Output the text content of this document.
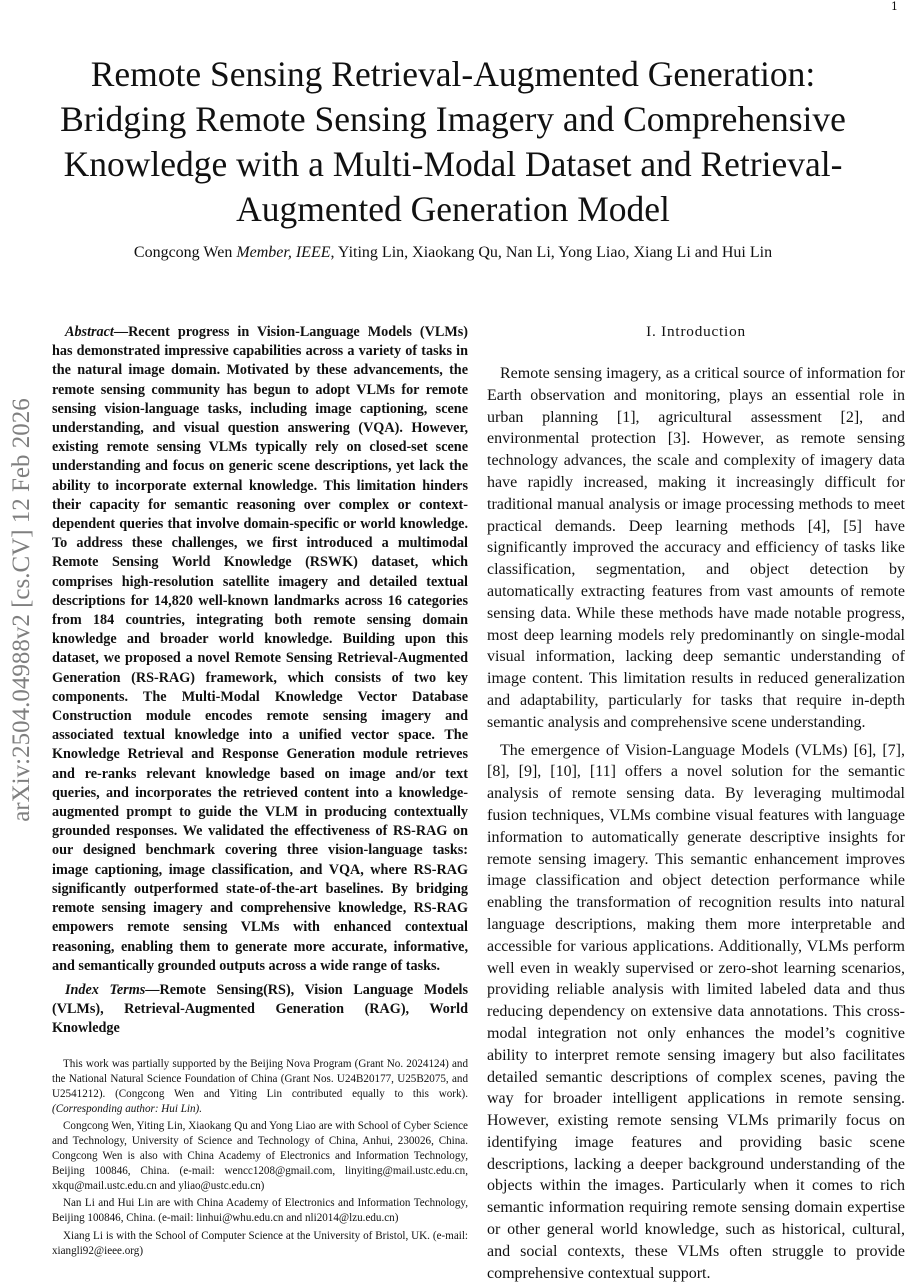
1
arXiv:2504.04988v2 [cs.CV] 12 Feb 2026
Remote Sensing Retrieval-Augmented Generation: Bridging Remote Sensing Imagery and Comprehensive Knowledge with a Multi-Modal Dataset and Retrieval-Augmented Generation Model

Congcong Wen Member, IEEE, Yiting Lin, Xiaokang Qu, Nan Li, Yong Liao, Xiang Li and Hui Lin

Abstract—Recent progress in Vision-Language Models (VLMs) has demonstrated impressive capabilities across a variety of tasks in the natural image domain. Motivated by these advancements, the remote sensing community has begun to adopt VLMs for remote sensing vision-language tasks, including image captioning, scene understanding, and visual question answering (VQA). However, existing remote sensing VLMs typically rely on closed-set scene understanding and focus on generic scene descriptions, yet lack the ability to incorporate external knowledge. This limitation hinders their capacity for semantic reasoning over complex or context-dependent queries that involve domain-specific or world knowledge. To address these challenges, we first introduced a multimodal Remote Sensing World Knowledge (RSWK) dataset, which comprises high-resolution satellite imagery and detailed textual descriptions for 14,820 well-known landmarks across 16 categories from 184 countries, integrating both remote sensing domain knowledge and broader world knowledge. Building upon this dataset, we proposed a novel Remote Sensing Retrieval-Augmented Generation (RS-RAG) framework, which consists of two key components. The Multi-Modal Knowledge Vector Database Construction module encodes remote sensing imagery and associated textual knowledge into a unified vector space. The Knowledge Retrieval and Response Generation module retrieves and re-ranks relevant knowledge based on image and/or text queries, and incorporates the retrieved content into a knowledge-augmented prompt to guide the VLM in producing contextually grounded responses. We validated the effectiveness of RS-RAG on our designed benchmark covering three vision-language tasks: image captioning, image classification, and VQA, where RS-RAG significantly outperformed state-of-the-art baselines. By bridging remote sensing imagery and comprehensive knowledge, RS-RAG empowers remote sensing VLMs with enhanced contextual reasoning, enabling them to generate more accurate, informative, and semantically grounded outputs across a wide range of tasks.

Index Terms—Remote Sensing(RS), Vision Language Models (VLMs), Retrieval-Augmented Generation (RAG), World Knowledge

This work was partially supported by the Beijing Nova Program (Grant No. 2024124) and the National Natural Science Foundation of China (Grant Nos. U24B20177, U25B2075, and U2541212). (Congcong Wen and Yiting Lin contributed equally to this work). (Corresponding author: Hui Lin).

Congcong Wen, Yiting Lin, Xiaokang Qu and Yong Liao are with School of Cyber Science and Technology, University of Science and Technology of China, Anhui, 230026, China. Congcong Wen is also with China Academy of Electronics and Information Technology, Beijing 100846, China. (e-mail: wencc1208@gmail.com, linyiting@mail.ustc.edu.cn, xkqu@mail.ustc.edu.cn and yliao@ustc.edu.cn)

Nan Li and Hui Lin are with China Academy of Electronics and Information Technology, Beijing 100846, China. (e-mail: linhui@whu.edu.cn and nli2014@lzu.edu.cn)

Xiang Li is with the School of Computer Science at the University of Bristol, UK. (e-mail: xiangli92@ieee.org)

I. Introduction

Remote sensing imagery, as a critical source of information for Earth observation and monitoring, plays an essential role in urban planning [1], agricultural assessment [2], and environmental protection [3]. However, as remote sensing technology advances, the scale and complexity of imagery data have rapidly increased, making it increasingly difficult for traditional manual analysis or image processing methods to meet practical demands. Deep learning methods [4], [5] have significantly improved the accuracy and efficiency of tasks like classification, segmentation, and object detection by automatically extracting features from vast amounts of remote sensing data. While these methods have made notable progress, most deep learning models rely predominantly on single-modal visual information, lacking deep semantic understanding of image content. This limitation results in reduced generalization and adaptability, particularly for tasks that require in-depth semantic analysis and comprehensive scene understanding.

The emergence of Vision-Language Models (VLMs) [6], [7], [8], [9], [10], [11] offers a novel solution for the semantic analysis of remote sensing data. By leveraging multimodal fusion techniques, VLMs combine visual features with language information to automatically generate descriptive insights for remote sensing imagery. This semantic enhancement improves image classification and object detection performance while enabling the transformation of recognition results into natural language descriptions, making them more interpretable and accessible for various applications. Additionally, VLMs perform well even in weakly supervised or zero-shot learning scenarios, providing reliable analysis with limited labeled data and thus reducing dependency on extensive data annotations. This cross-modal integration not only enhances the model’s cognitive ability to interpret remote sensing imagery but also facilitates detailed semantic descriptions of complex scenes, paving the way for broader intelligent applications in remote sensing. However, existing remote sensing VLMs primarily focus on identifying image features and providing basic scene descriptions, lacking a deeper background understanding of the objects within the images. Particularly when it comes to rich semantic information requiring remote sensing domain expertise or other general world knowledge, such as historical, cultural, and social contexts, these VLMs often struggle to provide comprehensive contextual support.
